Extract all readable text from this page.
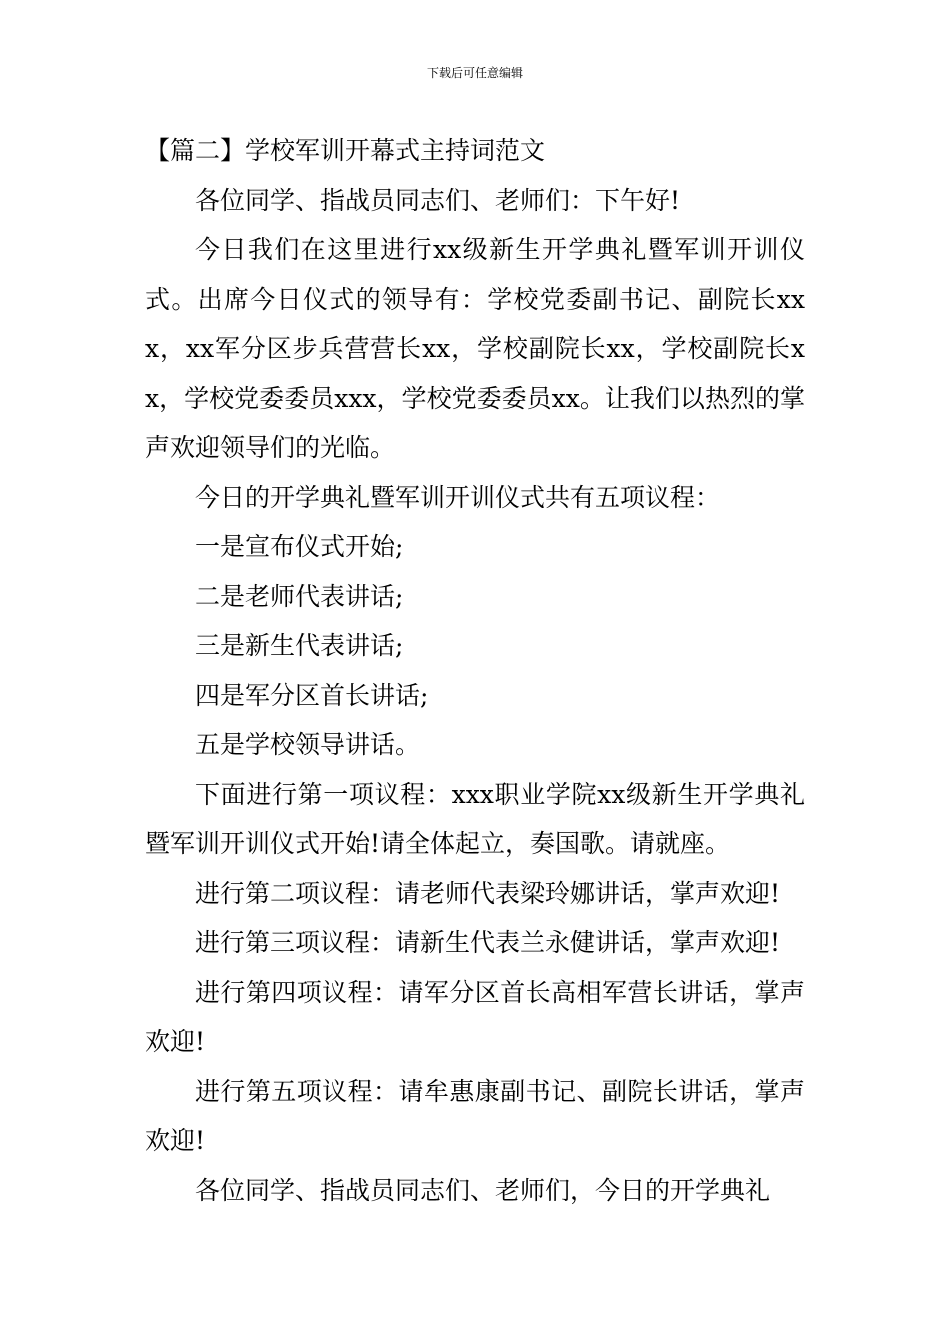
下载后可任意编辑
【篇二】学校军训开幕式主持词范文

各位同学、指战员同志们、老师们：下午好!

今日我们在这里进行xx级新生开学典礼暨军训开训仪式。出席今日仪式的领导有：学校党委副书记、副院长xxx，xx军分区步兵营营长xx，学校副院长xx，学校副院长xx，学校党委委员xxx，学校党委委员xx。让我们以热烈的掌声欢迎领导们的光临。

今日的开学典礼暨军训开训仪式共有五项议程：

一是宣布仪式开始;

二是老师代表讲话;

三是新生代表讲话;

四是军分区首长讲话;

五是学校领导讲话。

下面进行第一项议程：xxx职业学院xx级新生开学典礼暨军训开训仪式开始!请全体起立，奏国歌。请就座。

进行第二项议程：请老师代表梁玲娜讲话，掌声欢迎!

进行第三项议程：请新生代表兰永健讲话，掌声欢迎!

进行第四项议程：请军分区首长高相军营长讲话，掌声欢迎!

进行第五项议程：请牟惠康副书记、副院长讲话，掌声欢迎!

各位同学、指战员同志们、老师们，今日的开学典礼
